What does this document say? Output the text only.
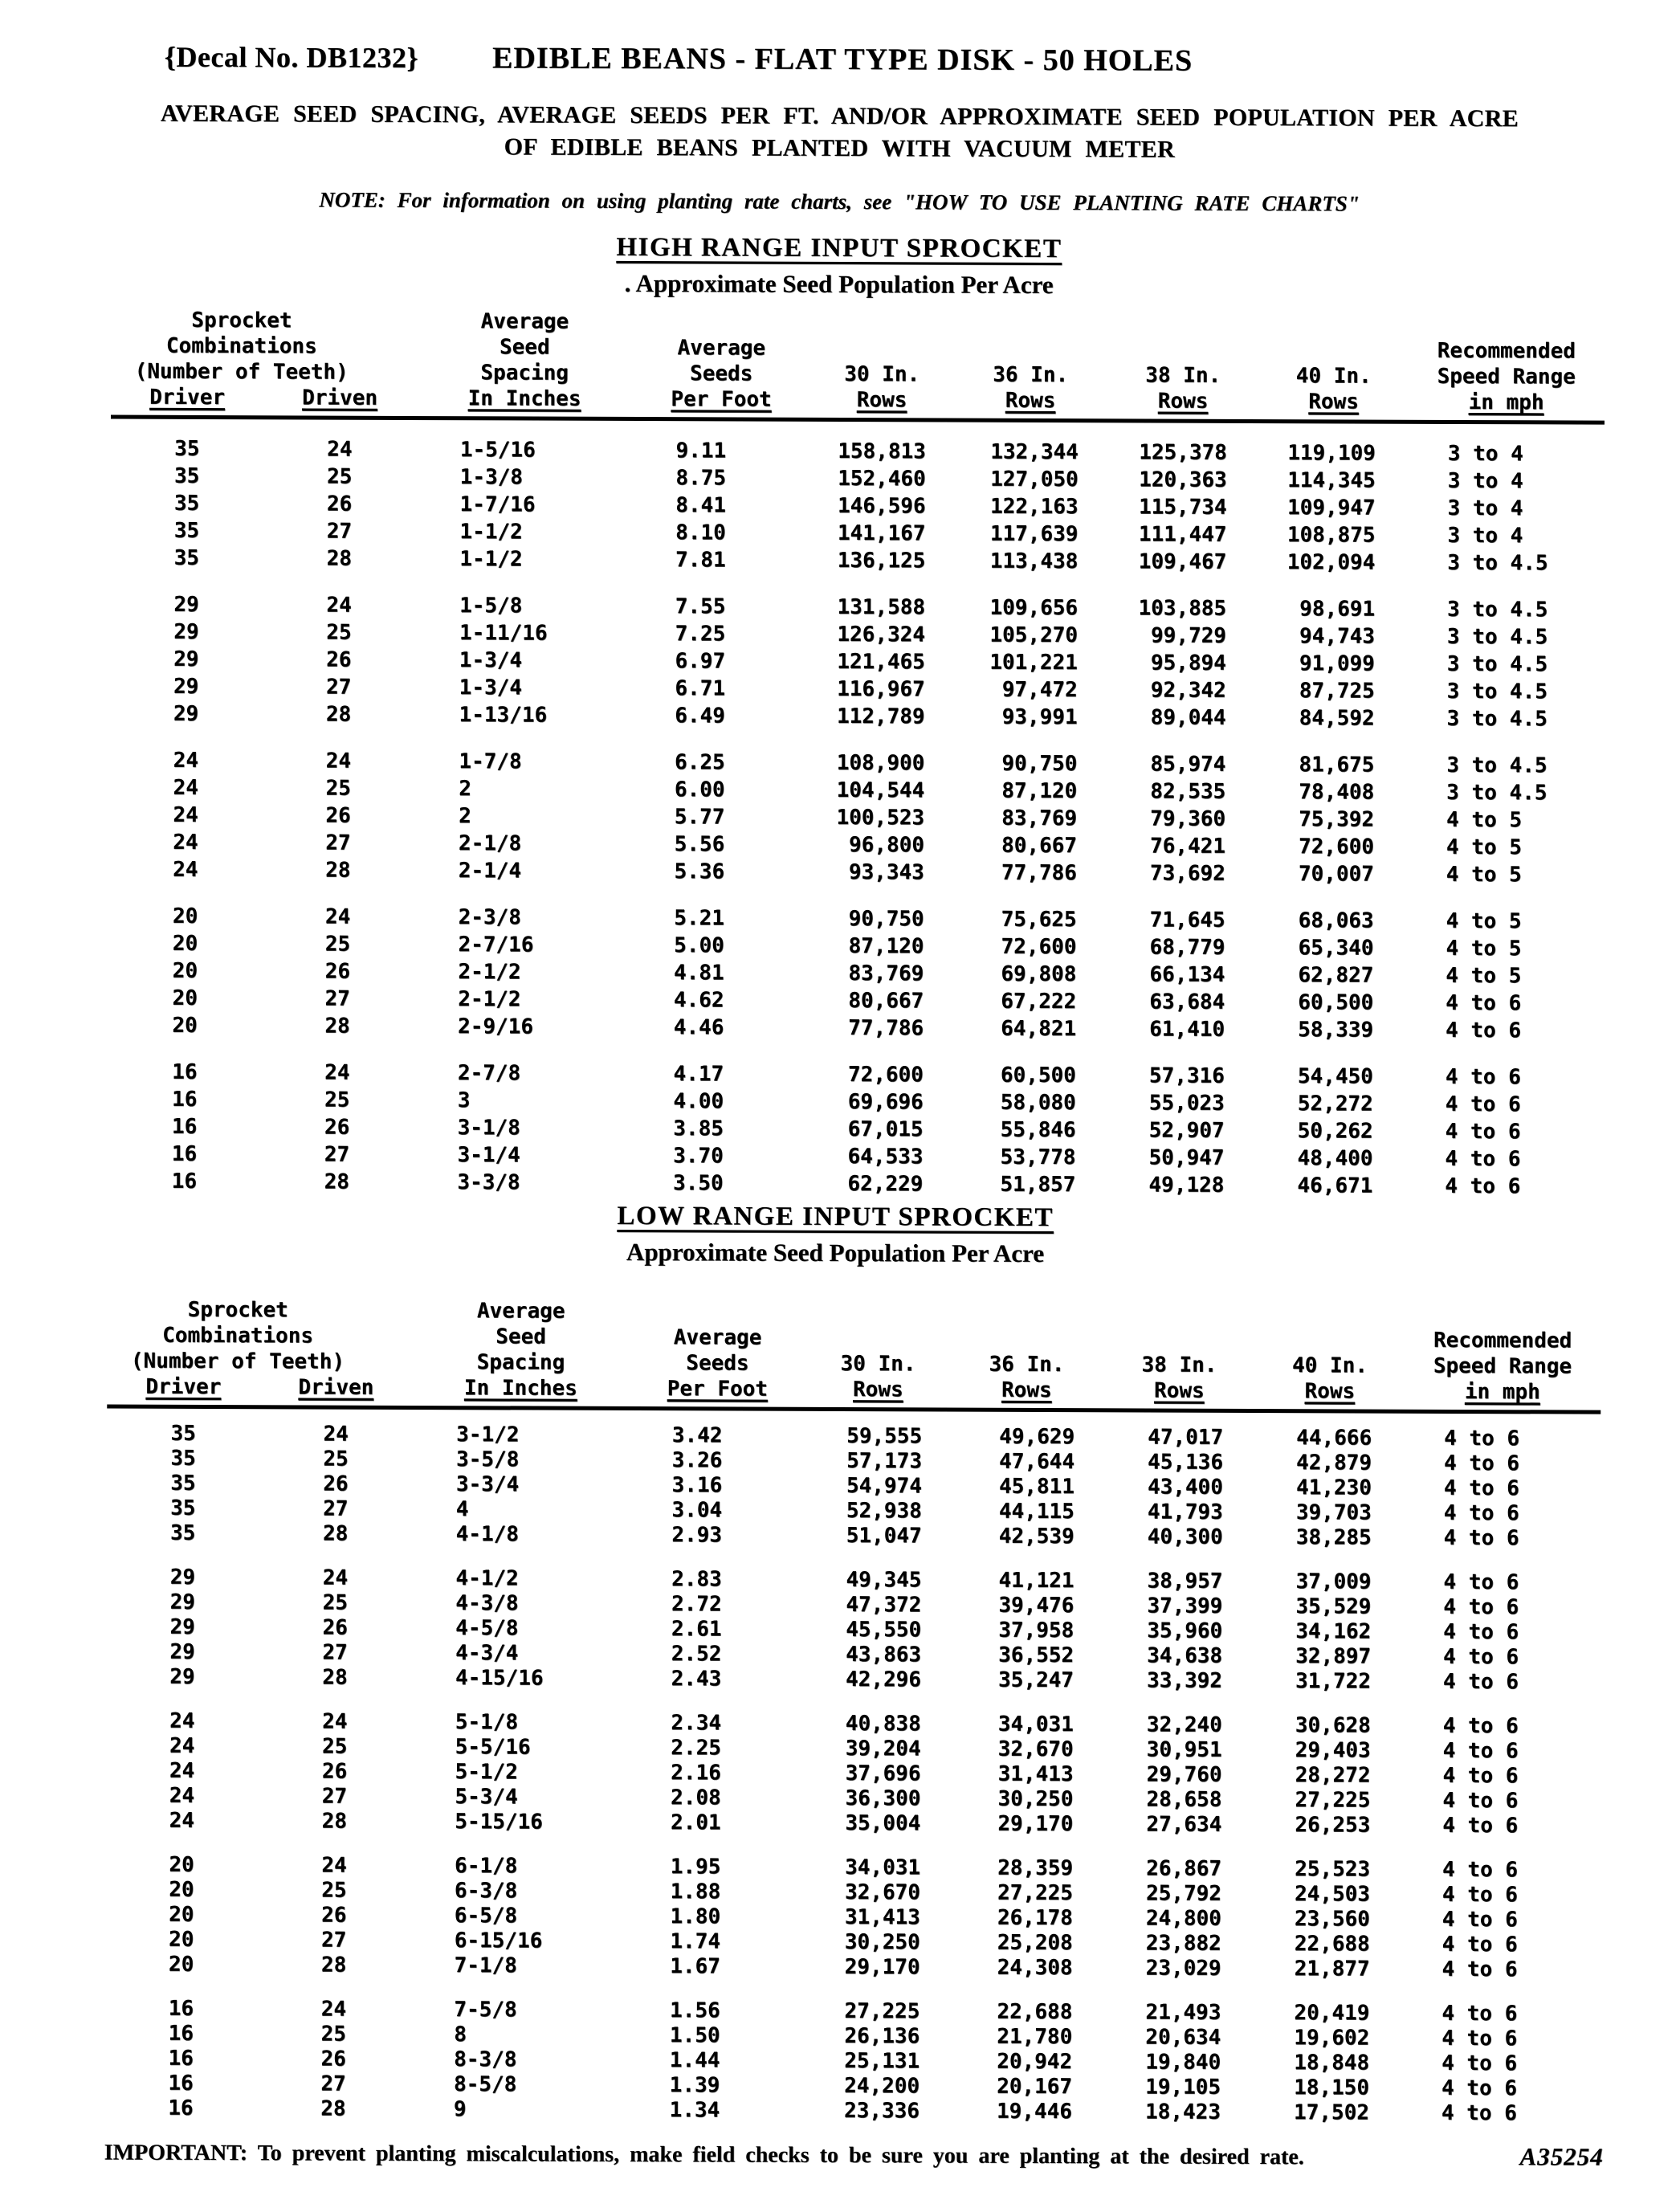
{Decal No. DB1232} EDIBLE BEANS - FLAT TYPE DISK - 50 HOLES
AVERAGE SEED SPACING, AVERAGE SEEDS PER FT. AND/OR APPROXIMATE SEED POPULATION PER ACRE
OF EDIBLE BEANS PLANTED WITH VACUUM METER
NOTE: For information on using planting rate charts, see "HOW TO USE PLANTING RATE CHARTS"
HIGH RANGE INPUT SPROCKET
. Approximate Seed Population Per Acre
Sprocket
Combinations
(Number of Teeth)
Driver	Driven
Average
Seed
Spacing
In Inches
Average
Seeds
Per Foot
30 In.
Rows
36 In.
Rows
38 In.
Rows
40 In.
Rows
Recommended
Speed Range
in mph
35	24	1-5/16	9.11	158,813	132,344	125,378	119,109	3 to 4
35	25	1-3/8	8.75	152,460	127,050	120,363	114,345	3 to 4
35	26	1-7/16	8.41	146,596	122,163	115,734	109,947	3 to 4
35	27	1-1/2	8.10	141,167	117,639	111,447	108,875	3 to 4
35	28	1-1/2	7.81	136,125	113,438	109,467	102,094	3 to 4.5
29	24	1-5/8	7.55	131,588	109,656	103,885	98,691	3 to 4.5
29	25	1-11/16	7.25	126,324	105,270	99,729	94,743	3 to 4.5
29	26	1-3/4	6.97	121,465	101,221	95,894	91,099	3 to 4.5
29	27	1-3/4	6.71	116,967	97,472	92,342	87,725	3 to 4.5
29	28	1-13/16	6.49	112,789	93,991	89,044	84,592	3 to 4.5
24	24	1-7/8	6.25	108,900	90,750	85,974	81,675	3 to 4.5
24	25	2	6.00	104,544	87,120	82,535	78,408	3 to 4.5
24	26	2	5.77	100,523	83,769	79,360	75,392	4 to 5
24	27	2-1/8	5.56	96,800	80,667	76,421	72,600	4 to 5
24	28	2-1/4	5.36	93,343	77,786	73,692	70,007	4 to 5
20	24	2-3/8	5.21	90,750	75,625	71,645	68,063	4 to 5
20	25	2-7/16	5.00	87,120	72,600	68,779	65,340	4 to 5
20	26	2-1/2	4.81	83,769	69,808	66,134	62,827	4 to 5
20	27	2-1/2	4.62	80,667	67,222	63,684	60,500	4 to 6
20	28	2-9/16	4.46	77,786	64,821	61,410	58,339	4 to 6
16	24	2-7/8	4.17	72,600	60,500	57,316	54,450	4 to 6
16	25	3	4.00	69,696	58,080	55,023	52,272	4 to 6
16	26	3-1/8	3.85	67,015	55,846	52,907	50,262	4 to 6
16	27	3-1/4	3.70	64,533	53,778	50,947	48,400	4 to 6
16	28	3-3/8	3.50	62,229	51,857	49,128	46,671	4 to 6
LOW RANGE INPUT SPROCKET
Approximate Seed Population Per Acre
Sprocket
Combinations
(Number of Teeth)
Driver	Driven
Average
Seed
Spacing
In Inches
Average
Seeds
Per Foot
30 In.
Rows
36 In.
Rows
38 In.
Rows
40 In.
Rows
Recommended
Speed Range
in mph
35	24	3-1/2	3.42	59,555	49,629	47,017	44,666	4 to 6
35	25	3-5/8	3.26	57,173	47,644	45,136	42,879	4 to 6
35	26	3-3/4	3.16	54,974	45,811	43,400	41,230	4 to 6
35	27	4	3.04	52,938	44,115	41,793	39,703	4 to 6
35	28	4-1/8	2.93	51,047	42,539	40,300	38,285	4 to 6
29	24	4-1/2	2.83	49,345	41,121	38,957	37,009	4 to 6
29	25	4-3/8	2.72	47,372	39,476	37,399	35,529	4 to 6
29	26	4-5/8	2.61	45,550	37,958	35,960	34,162	4 to 6
29	27	4-3/4	2.52	43,863	36,552	34,638	32,897	4 to 6
29	28	4-15/16	2.43	42,296	35,247	33,392	31,722	4 to 6
24	24	5-1/8	2.34	40,838	34,031	32,240	30,628	4 to 6
24	25	5-5/16	2.25	39,204	32,670	30,951	29,403	4 to 6
24	26	5-1/2	2.16	37,696	31,413	29,760	28,272	4 to 6
24	27	5-3/4	2.08	36,300	30,250	28,658	27,225	4 to 6
24	28	5-15/16	2.01	35,004	29,170	27,634	26,253	4 to 6
20	24	6-1/8	1.95	34,031	28,359	26,867	25,523	4 to 6
20	25	6-3/8	1.88	32,670	27,225	25,792	24,503	4 to 6
20	26	6-5/8	1.80	31,413	26,178	24,800	23,560	4 to 6
20	27	6-15/16	1.74	30,250	25,208	23,882	22,688	4 to 6
20	28	7-1/8	1.67	29,170	24,308	23,029	21,877	4 to 6
16	24	7-5/8	1.56	27,225	22,688	21,493	20,419	4 to 6
16	25	8	1.50	26,136	21,780	20,634	19,602	4 to 6
16	26	8-3/8	1.44	25,131	20,942	19,840	18,848	4 to 6
16	27	8-5/8	1.39	24,200	20,167	19,105	18,150	4 to 6
16	28	9	1.34	23,336	19,446	18,423	17,502	4 to 6
IMPORTANT: To prevent planting miscalculations, make field checks to be sure you are planting at the desired rate.	A35254
